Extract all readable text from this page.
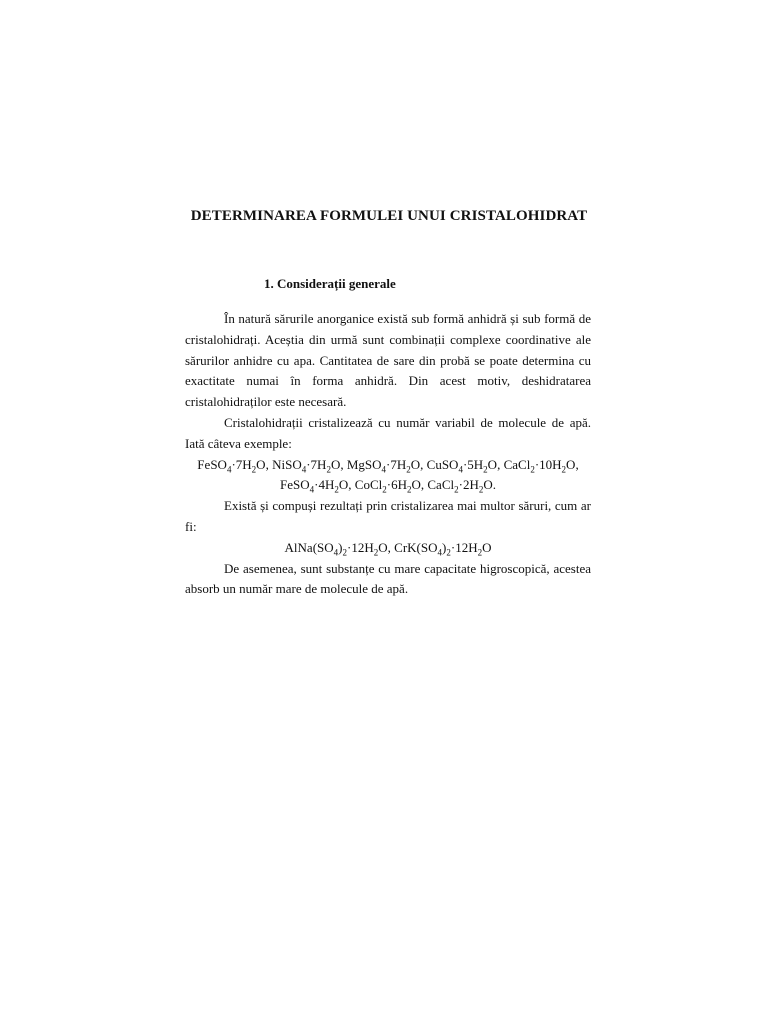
DETERMINAREA FORMULEI UNUI CRISTALOHIDRAT
1. Considerații generale

În natură sărurile anorganice există sub formă anhidră și sub formă de cristalohidrați. Aceștia din urmă sunt combinații complexe coordinative ale sărurilor anhidre cu apa. Cantitatea de sare din probă se poate determina cu exactitate numai în forma anhidră. Din acest motiv, deshidratarea cristalohidraților este necesară.

Cristalohidrații cristalizează cu număr variabil de molecule de apă. Iată câteva exemple:

$FeSO_4\cdot 7H_2O$, $NiSO_4\cdot 7H_2O$, $MgSO_4\cdot 7H_2O$, $CuSO_4\cdot 5H_2O$, $CaCl_2\cdot 10H_2O$,

$FeSO_4\cdot 4H_2O$, $CoCl_2\cdot 6H_2O$, $CaCl_2\cdot 2H_2O$.

Există și compuși rezultați prin cristalizarea mai multor săruri, cum ar fi:

$AlNa(SO_4)_2\cdot 12H_2O$, $CrK(SO_4)_2\cdot 12H_2O$

De asemenea, sunt substanțe cu mare capacitate higroscopică, acestea absorb un număr mare de molecule de apă.
